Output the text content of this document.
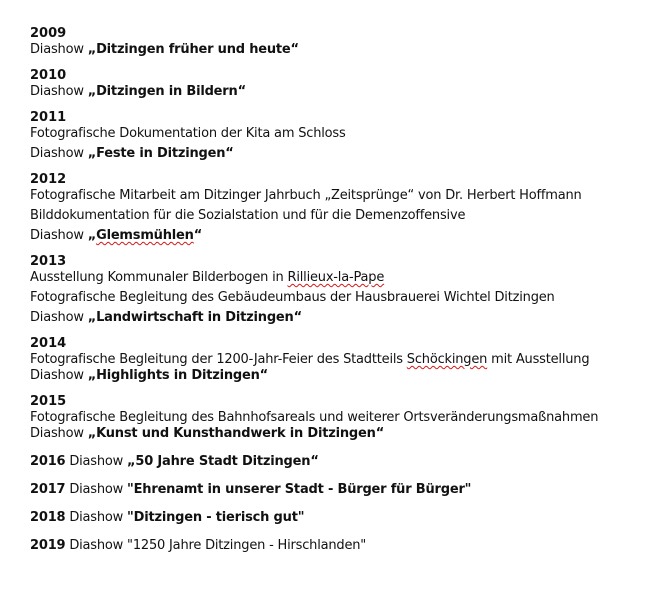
2009
Diashow „Ditzingen früher und heute“
2010
Diashow „Ditzingen in Bildern“
2011
Fotografische Dokumentation der Kita am Schloss
Diashow „Feste in Ditzingen“
2012
Fotografische Mitarbeit am Ditzinger Jahrbuch „Zeitsprünge“ von Dr. Herbert Hoffmann
Bilddokumentation für die Sozialstation und für die Demenzoffensive
Diashow „Glemsmühlen“
2013
Ausstellung Kommunaler Bilderbogen in Rillieux-la-Pape
Fotografische Begleitung des Gebäudeumbaus der Hausbrauerei Wichtel Ditzingen
Diashow „Landwirtschaft in Ditzingen“
2014
Fotografische Begleitung der 1200-Jahr-Feier des Stadtteils Schöckingen mit Ausstellung
Diashow „Highlights in Ditzingen“
2015
Fotografische Begleitung des Bahnhofsareals und weiterer Ortsveränderungsmaßnahmen
Diashow „Kunst und Kunsthandwerk in Ditzingen“
2016 Diashow „50 Jahre Stadt Ditzingen“
2017 Diashow "Ehrenamt in unserer Stadt - Bürger für Bürger"
2018 Diashow "Ditzingen - tierisch gut"
2019 Diashow "1250 Jahre Ditzingen - Hirschlanden"
